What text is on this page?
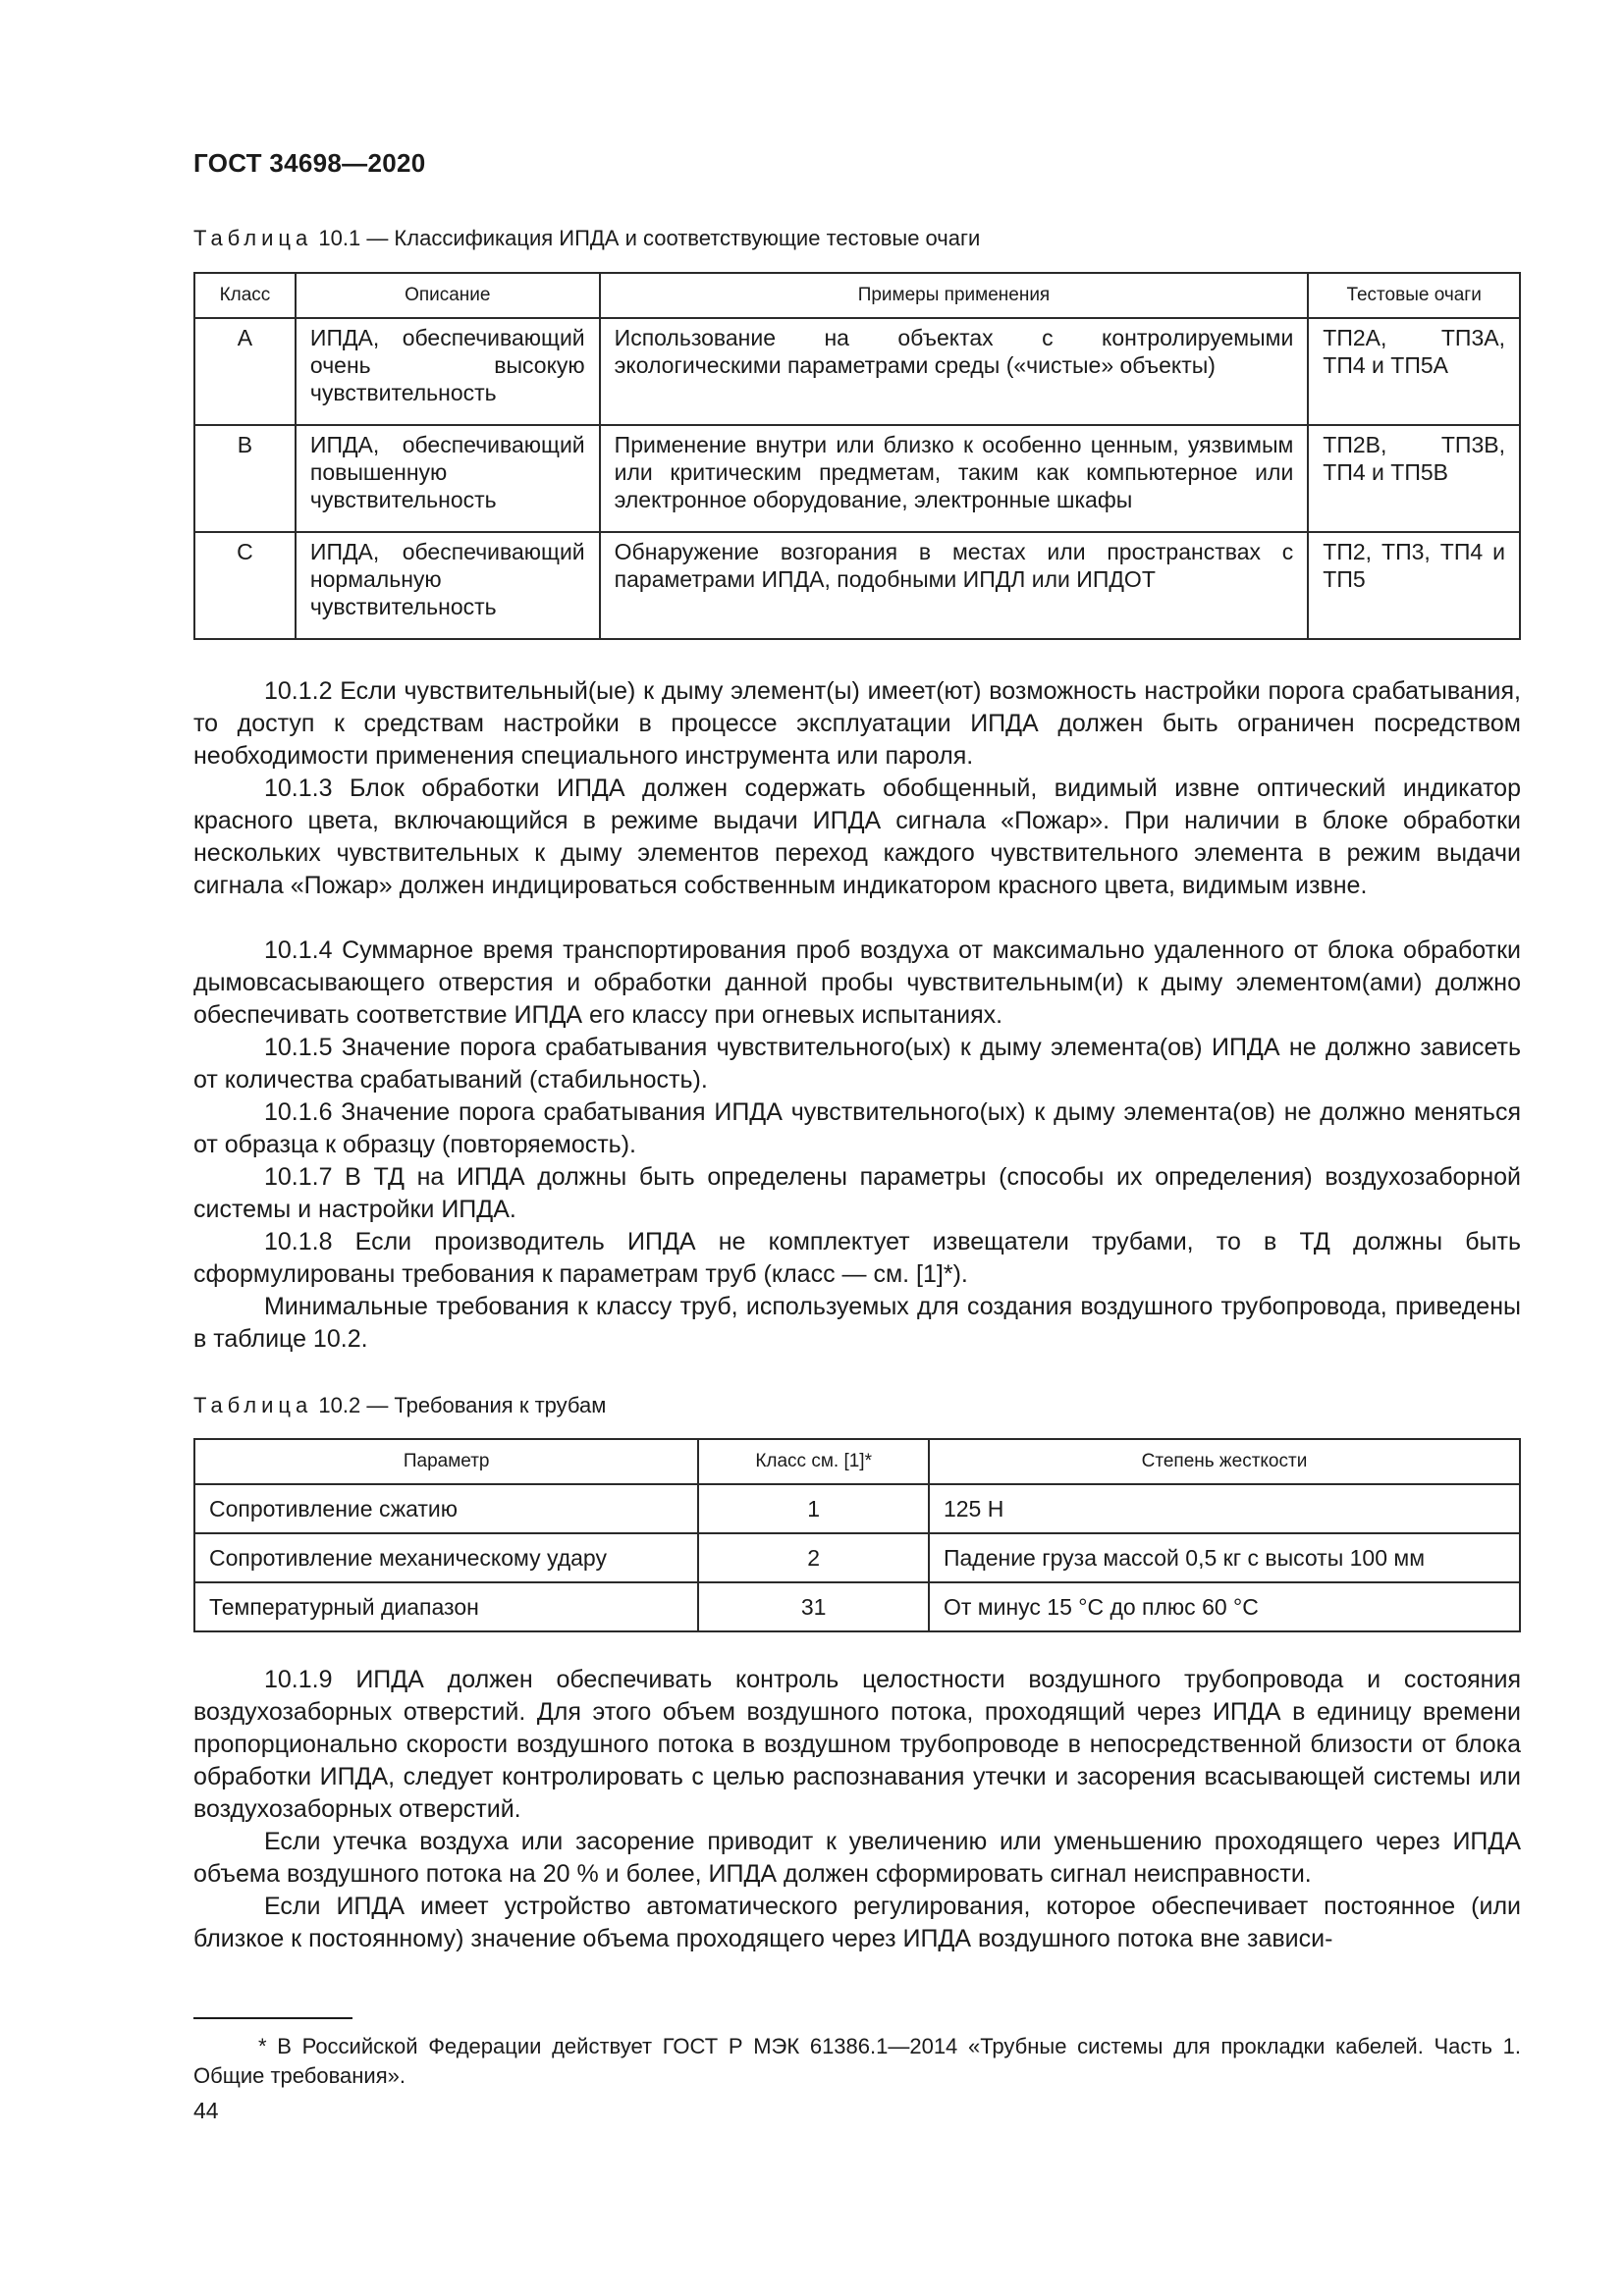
ГОСТ 34698—2020
Таблица 10.1 — Классификация ИПДА и соответствующие тестовые очаги
Класс	Описание	Примеры применения	Тестовые очаги
А	ИПДА, обеспечивающий очень высокую чувствительность	Использование на объектах с контролируемыми экологическими параметрами среды («чистые» объекты)	ТП2А, ТП3А, ТП4 и ТП5А
В	ИПДА, обеспечивающий повышенную чувствительность	Применение внутри или близко к особенно ценным, уязвимым или критическим предметам, таким как компьютерное или электронное оборудование, электронные шкафы	ТП2В, ТП3В, ТП4 и ТП5В
С	ИПДА, обеспечивающий нормальную чувствительность	Обнаружение возгорания в местах или пространствах с параметрами ИПДА, подобными ИПДЛ или ИПДОТ	ТП2, ТП3, ТП4 и ТП5

10.1.2 Если чувствительный(ые) к дыму элемент(ы) имеет(ют) возможность настройки порога срабатывания, то доступ к средствам настройки в процессе эксплуатации ИПДА должен быть ограничен посредством необходимости применения специального инструмента или пароля.

10.1.3 Блок обработки ИПДА должен содержать обобщенный, видимый извне оптический индикатор красного цвета, включающийся в режиме выдачи ИПДА сигнала «Пожар». При наличии в блоке обработки нескольких чувствительных к дыму элементов переход каждого чувствительного элемента в режим выдачи сигнала «Пожар» должен индицироваться собственным индикатором красного цвета, видимым извне.

10.1.4 Суммарное время транспортирования проб воздуха от максимально удаленного от блока обработки дымовсасывающего отверстия и обработки данной пробы чувствительным(и) к дыму элементом(ами) должно обеспечивать соответствие ИПДА его классу при огневых испытаниях.

10.1.5 Значение порога срабатывания чувствительного(ых) к дыму элемента(ов) ИПДА не должно зависеть от количества срабатываний (стабильность).

10.1.6 Значение порога срабатывания ИПДА чувствительного(ых) к дыму элемента(ов) не должно меняться от образца к образцу (повторяемость).

10.1.7 В ТД на ИПДА должны быть определены параметры (способы их определения) воздухозаборной системы и настройки ИПДА.

10.1.8 Если производитель ИПДА не комплектует извещатели трубами, то в ТД должны быть сформулированы требования к параметрам труб (класс — см. [1]*).

Минимальные требования к классу труб, используемых для создания воздушного трубопровода, приведены в таблице 10.2.

Таблица 10.2 — Требования к трубам
Параметр	Класс см. [1]*	Степень жесткости
Сопротивление сжатию	1	125 Н
Сопротивление механическому удару	2	Падение груза массой 0,5 кг с высоты 100 мм
Температурный диапазон	31	От минус 15 °С до плюс 60 °С

10.1.9 ИПДА должен обеспечивать контроль целостности воздушного трубопровода и состояния воздухозаборных отверстий. Для этого объем воздушного потока, проходящий через ИПДА в единицу времени пропорционально скорости воздушного потока в воздушном трубопроводе в непосредственной близости от блока обработки ИПДА, следует контролировать с целью распознавания утечки и засорения всасывающей системы или воздухозаборных отверстий.

Если утечка воздуха или засорение приводит к увеличению или уменьшению проходящего через ИПДА объема воздушного потока на 20 % и более, ИПДА должен сформировать сигнал неисправности.

Если ИПДА имеет устройство автоматического регулирования, которое обеспечивает постоянное (или близкое к постоянному) значение объема проходящего через ИПДА воздушного потока вне зависи-

* В Российской Федерации действует ГОСТ Р МЭК 61386.1—2014 «Трубные системы для прокладки кабелей. Часть 1. Общие требования».
44
